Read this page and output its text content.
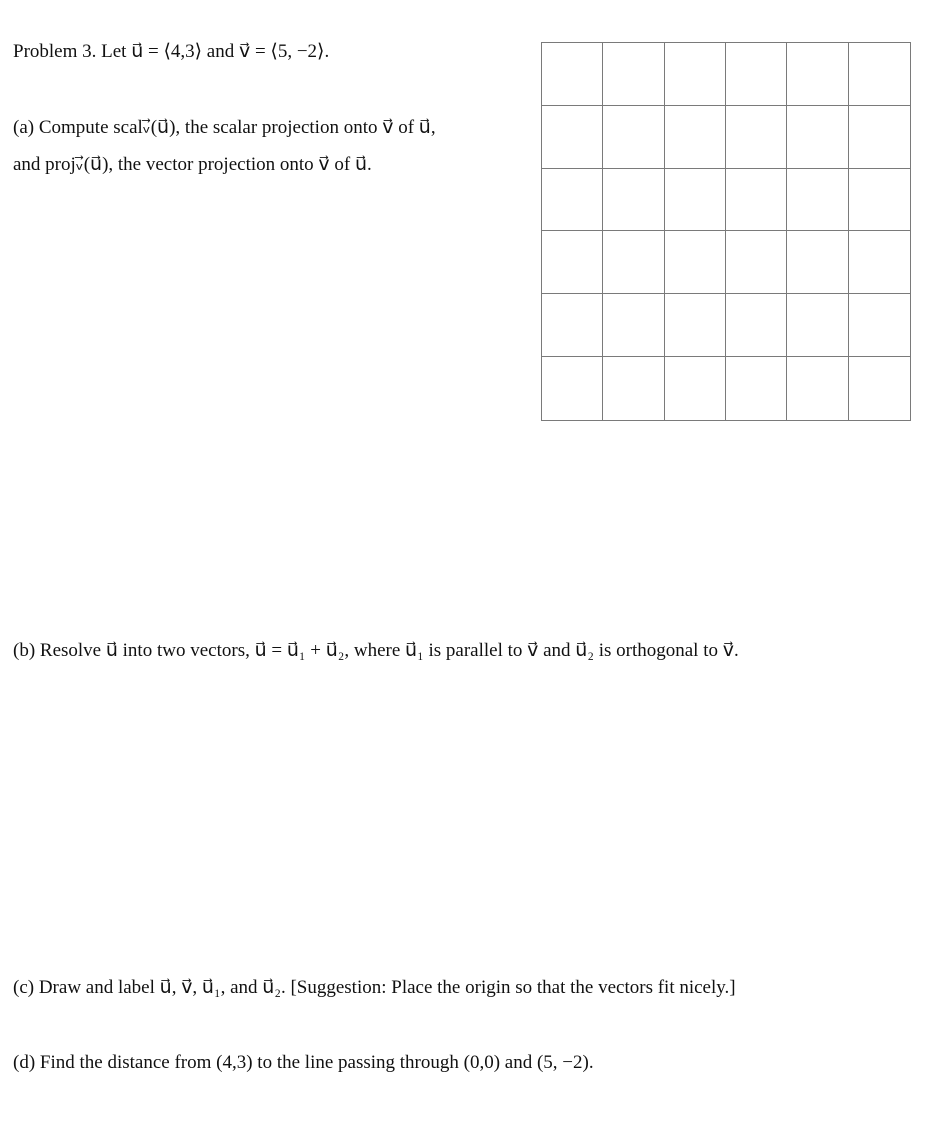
Problem 3. Let u⃗ = ⟨4,3⟩ and v⃗ = ⟨5, −2⟩.
(a) Compute scalᵥ⃗(u⃗), the scalar projection onto v⃗ of u⃗,
and projᵥ⃗(u⃗), the vector projection onto v⃗ of u⃗.
(b) Resolve u⃗ into two vectors, u⃗ = u⃗₁ + u⃗₂, where u⃗₁ is parallel to v⃗ and u⃗₂ is orthogonal to v⃗.
(c) Draw and label u⃗, v⃗, u⃗₁, and u⃗₂. [Suggestion: Place the origin so that the vectors fit nicely.]
(d) Find the distance from (4,3) to the line passing through (0,0) and (5, −2).
